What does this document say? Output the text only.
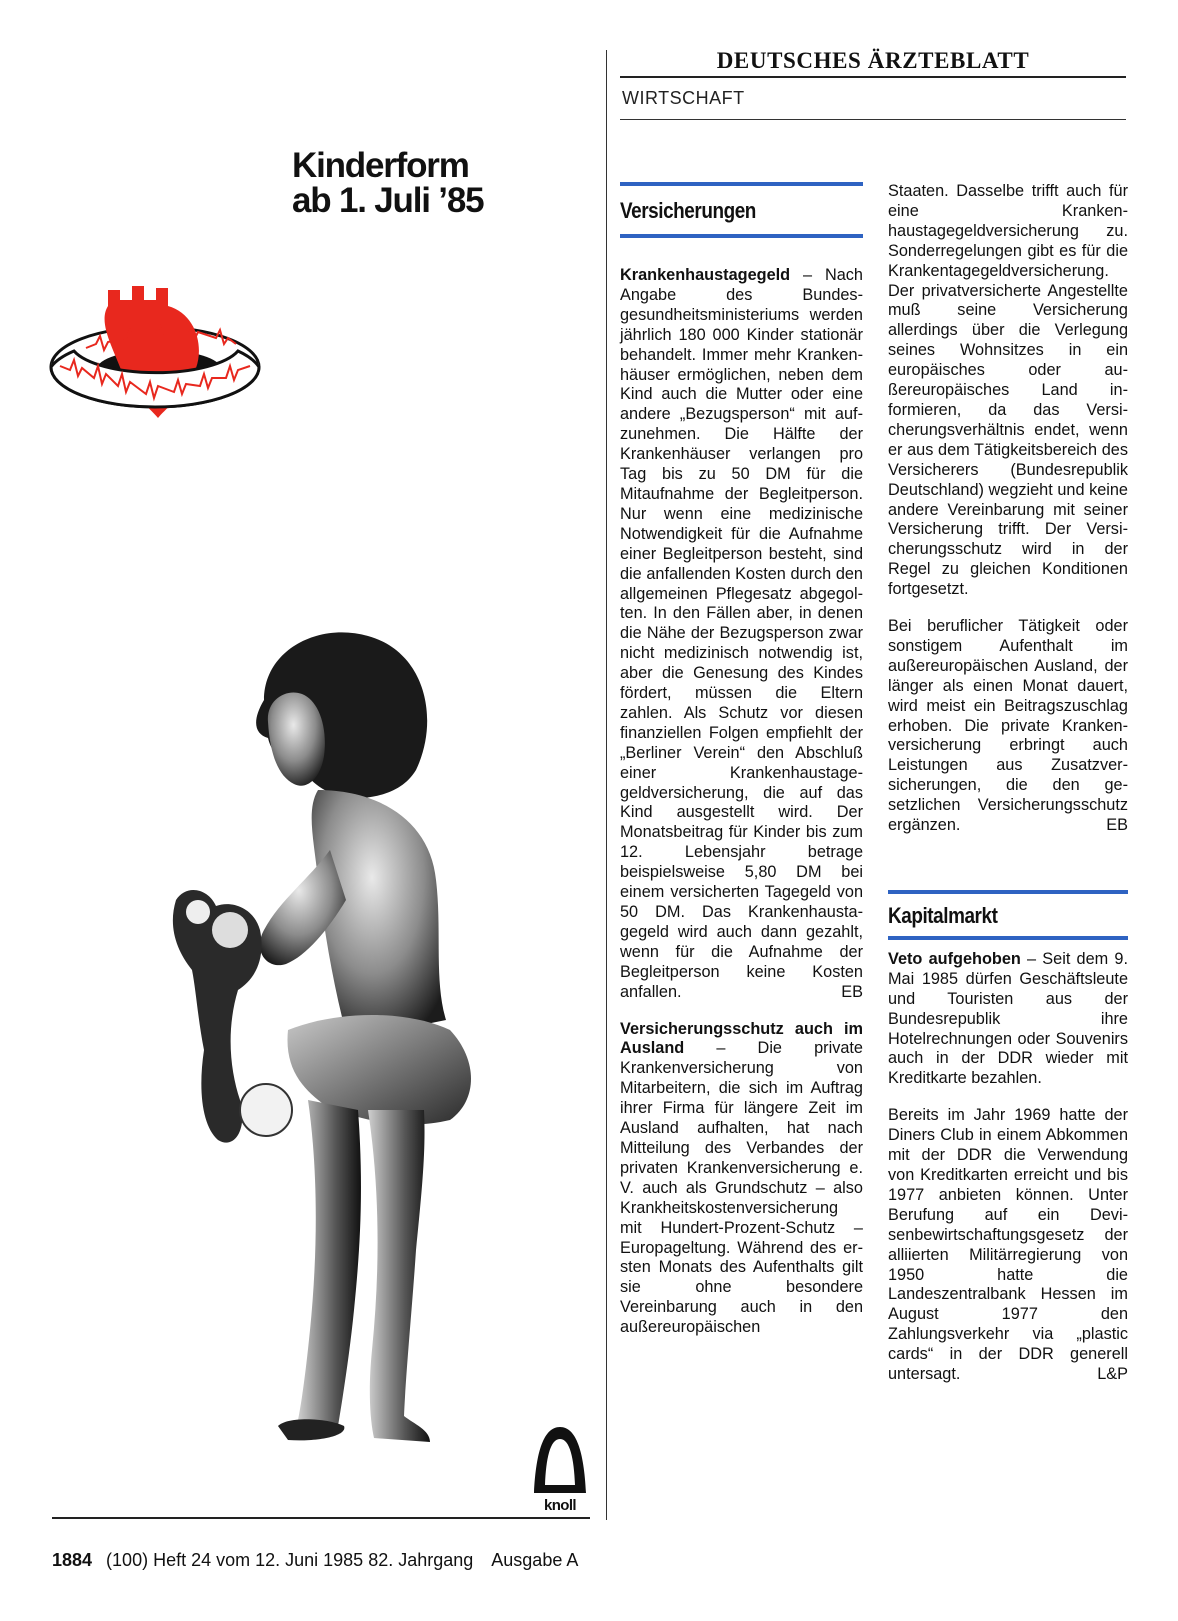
Kinderform
ab 1. Juli ’85
knoll
DEUTSCHES ÄRZTEBLATT
WIRTSCHAFT
Versicherungen

Krankenhaustagegeld – Nach Angabe des Bundesgesundheitsministeriums werden jährlich 180 000 Kinder stationär behandelt. Immer mehr Krankenhäuser ermöglichen, neben dem Kind auch die Mutter oder eine andere „Bezugsperson“ mit aufzunehmen. Die Hälfte der Krankenhäuser verlangen pro Tag bis zu 50 DM für die Mitaufnahme der Begleitperson. Nur wenn eine medizinische Notwendigkeit für die Aufnahme einer Begleitperson besteht, sind die anfallenden Kosten durch den allgemeinen Pflegesatz abgegolten. In den Fällen aber, in denen die Nähe der Bezugsperson zwar nicht medizinisch notwendig ist, aber die Genesung des Kindes fördert, müssen die Eltern zahlen. Als Schutz vor diesen finanziellen Folgen empfiehlt der „Berliner Verein“ den Abschluß einer Krankenhaustagegeldversicherung, die auf das Kind ausgestellt wird. Der Monatsbeitrag für Kinder bis zum 12. Lebensjahr betrage beispielsweise 5,80 DM bei einem versicherten Tagegeld von 50 DM. Das Krankenhaustagegeld wird auch dann gezahlt, wenn für die Aufnahme der Begleitperson keine Kosten anfallen.	EB

Versicherungsschutz auch im Ausland – Die private Krankenversicherung von Mitarbeitern, die sich im Auftrag ihrer Firma für längere Zeit im Ausland aufhalten, hat nach Mitteilung des Verbandes der privaten Krankenversicherung e. V. auch als Grundschutz – also Krankheitskostenversicherung mit Hundert-Prozent-Schutz – Europageltung. Während des ersten Monats des Aufenthalts gilt sie ohne besondere Vereinbarung auch in den außereuropäischen

Staaten. Dasselbe trifft auch für eine Krankenhaustagegeldversicherung zu. Sonderregelungen gibt es für die Krankentagegeldversicherung. Der privatversicherte Angestellte muß seine Versicherung allerdings über die Verlegung seines Wohnsitzes in ein europäisches oder außereuropäisches Land informieren, da das Versicherungsverhältnis endet, wenn er aus dem Tätigkeitsbereich des Versicherers (Bundesrepublik Deutschland) wegzieht und keine andere Vereinbarung mit seiner Versicherung trifft. Der Versicherungsschutz wird in der Regel zu gleichen Konditionen fortgesetzt.

Bei beruflicher Tätigkeit oder sonstigem Aufenthalt im außereuropäischen Ausland, der länger als einen Monat dauert, wird meist ein Beitragszuschlag erhoben. Die private Krankenversicherung erbringt auch Leistungen aus Zusatzversicherungen, die den gesetzlichen Versicherungsschutz ergänzen.	EB

Kapitalmarkt

Veto aufgehoben – Seit dem 9. Mai 1985 dürfen Geschäftsleute und Touristen aus der Bundesrepublik ihre Hotelrechnungen oder Souvenirs auch in der DDR wieder mit Kreditkarte bezahlen.

Bereits im Jahr 1969 hatte der Diners Club in einem Abkommen mit der DDR die Verwendung von Kreditkarten erreicht und bis 1977 anbieten können. Unter Berufung auf ein Devisenbewirtschaftungsgesetz der alliierten Militärregierung von 1950 hatte die Landeszentralbank Hessen im August 1977 den Zahlungsverkehr via „plastic cards“ in der DDR generell untersagt.	L&P

1884 (100) Heft 24 vom 12. Juni 1985 82. Jahrgang Ausgabe A
